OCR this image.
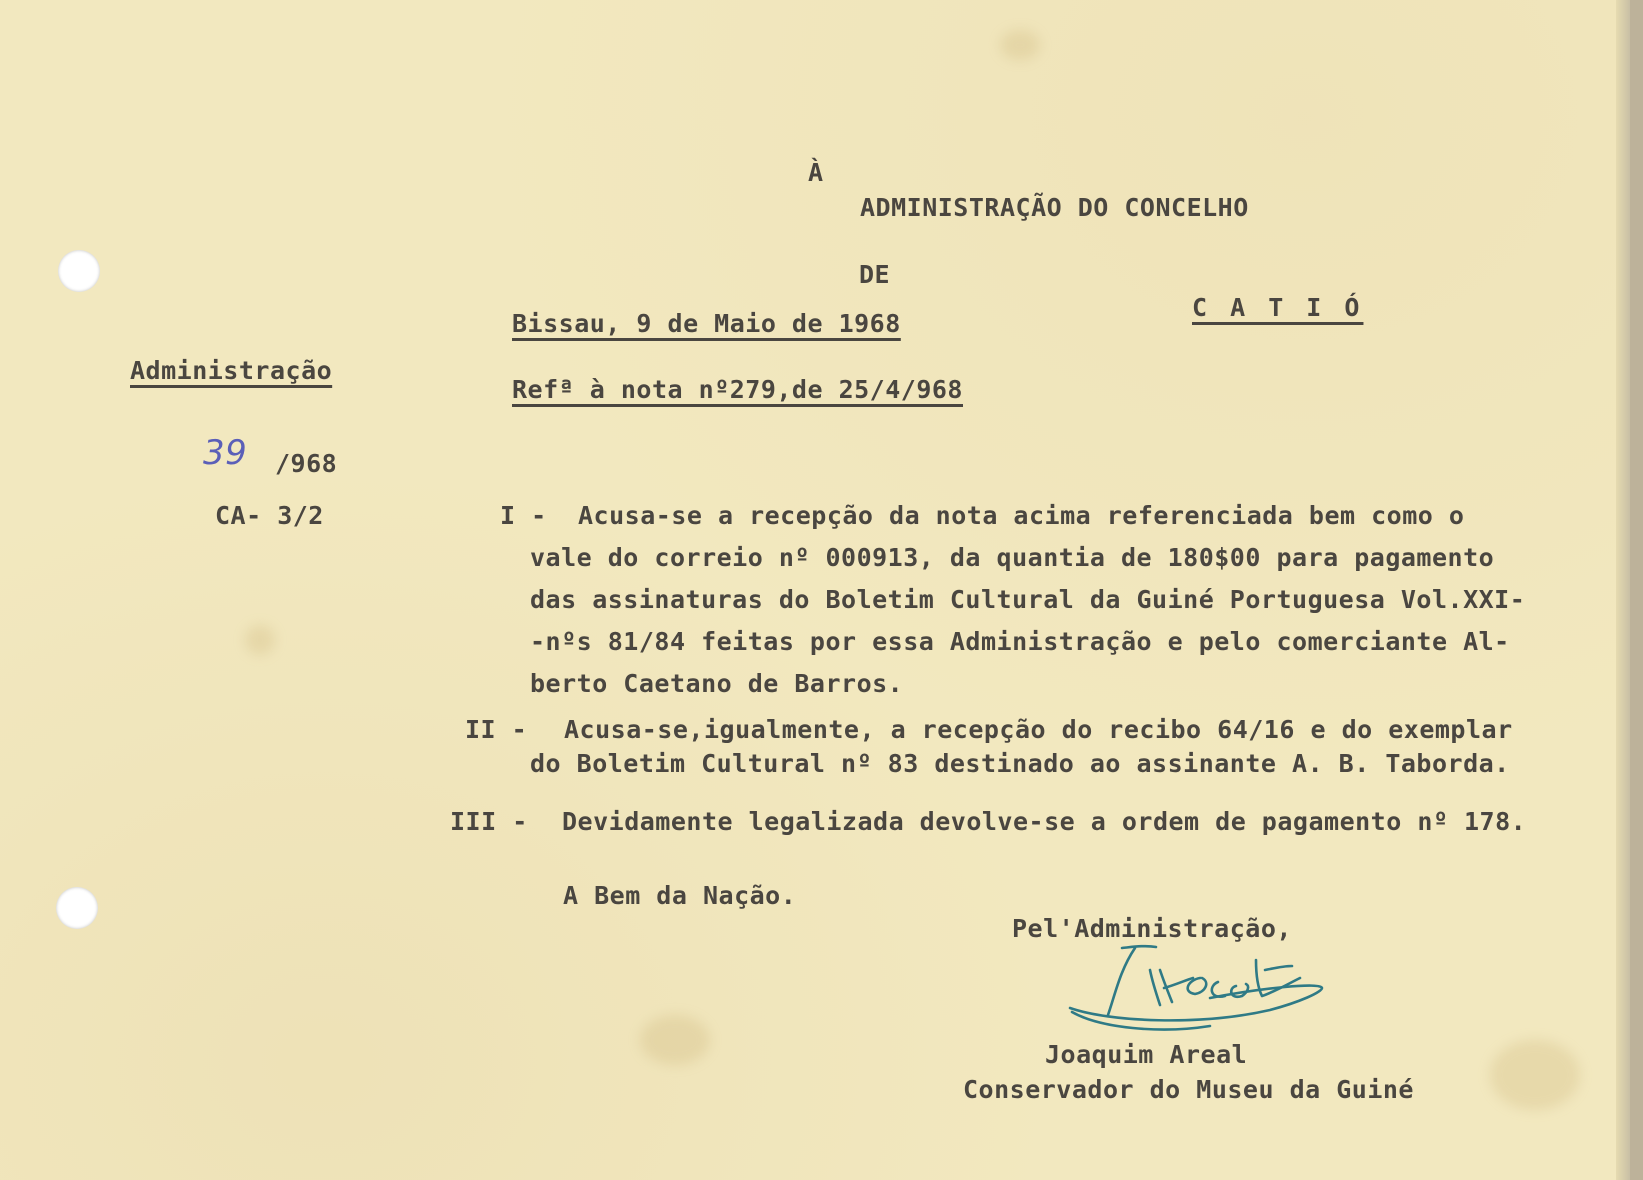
À
ADMINISTRAÇÃO DO CONCELHO
DE
C A T I Ó
Bissau, 9 de Maio de 1968
Refª à nota nº279,de 25/4/968
Administração
39 /968
CA- 3/2	I - Acusa-se a recepção da nota acima referenciada bem como o
vale do correio nº 000913, da quantia de 180$00 para pagamento
das assinaturas do Boletim Cultural da Guiné Portuguesa Vol.XXI-
-nºs 81/84 feitas por essa Administração e pelo comerciante Al-
berto Caetano de Barros.
II - Acusa-se,igualmente, a recepção do recibo 64/16 e do exemplar
do Boletim Cultural nº 83 destinado ao assinante A. B. Taborda.
III - Devidamente legalizada devolve-se a ordem de pagamento nº 178.
A Bem da Nação.
Pel'Administração,
Joaquim Areal
Conservador do Museu da Guiné
